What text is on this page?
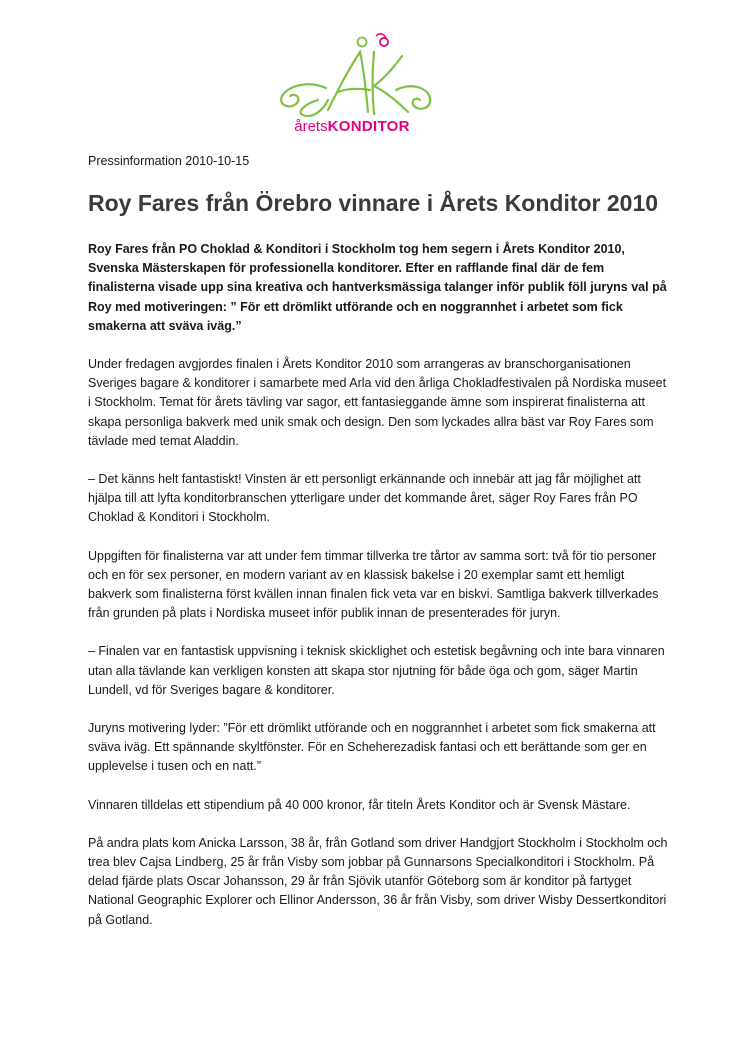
åretsKONDITOR
Pressinformation 2010-10-15
Roy Fares från Örebro vinnare i Årets Konditor 2010

Roy Fares från PO Choklad & Konditori i Stockholm tog hem segern i Årets Konditor 2010, Svenska Mästerskapen för professionella konditorer. Efter en rafflande final där de fem finalisterna visade upp sina kreativa och hantverksmässiga talanger inför publik föll juryns val på Roy med motiveringen: ” För ett drömlikt utförande och en noggrannhet i arbetet som fick smakerna att sväva iväg.”

Under fredagen avgjordes finalen i Årets Konditor 2010 som arrangeras av branschorganisationen Sveriges bagare & konditorer i samarbete med Arla vid den årliga Chokladfestivalen på Nordiska museet i Stockholm. Temat för årets tävling var sagor, ett fantasieggande ämne som inspirerat finalisterna att skapa personliga bakverk med unik smak och design. Den som lyckades allra bäst var Roy Fares som tävlade med temat Aladdin.

– Det känns helt fantastiskt! Vinsten är ett personligt erkännande och innebär att jag får möjlighet att hjälpa till att lyfta konditorbranschen ytterligare under det kommande året, säger Roy Fares från PO Choklad & Konditori i Stockholm.

Uppgiften för finalisterna var att under fem timmar tillverka tre tårtor av samma sort: två för tio personer och en för sex personer, en modern variant av en klassisk bakelse i 20 exemplar samt ett hemligt bakverk som finalisterna först kvällen innan finalen fick veta var en biskvi. Samtliga bakverk tillverkades från grunden på plats i Nordiska museet inför publik innan de presenterades för juryn.

– Finalen var en fantastisk uppvisning i teknisk skicklighet och estetisk begåvning och inte bara vinnaren utan alla tävlande kan verkligen konsten att skapa stor njutning för både öga och gom, säger Martin Lundell, vd för Sveriges bagare & konditorer.

Juryns motivering lyder: ”För ett drömlikt utförande och en noggrannhet i arbetet som fick smakerna att sväva iväg. Ett spännande skyltfönster. För en Scheherezadisk fantasi och ett berättande som ger en upplevelse i tusen och en natt.”

Vinnaren tilldelas ett stipendium på 40 000 kronor, får titeln Årets Konditor och är Svensk Mästare.

På andra plats kom Anicka Larsson, 38 år, från Gotland som driver Handgjort Stockholm i Stockholm och trea blev Cajsa Lindberg, 25 år från Visby som jobbar på Gunnarsons Specialkonditori i Stockholm. På delad fjärde plats Oscar Johansson, 29 år från Sjövik utanför Göteborg som är konditor på fartyget National Geographic Explorer och Ellinor Andersson, 36 år från Visby, som driver Wisby Dessertkonditori på Gotland.
